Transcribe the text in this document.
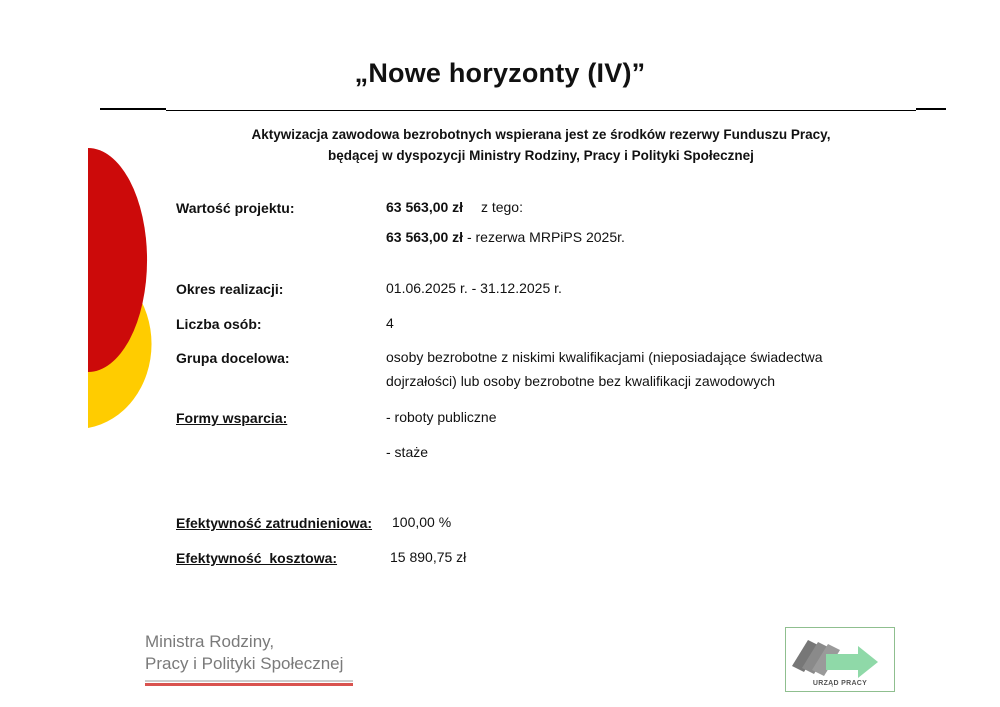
„Nowe horyzonty (IV)”
Aktywizacja zawodowa bezrobotnych wspierana jest ze środków rezerwy Funduszu Pracy,
będącej w dyspozycji Ministry Rodziny, Pracy i Polityki Społecznej
Wartość projektu:	63 563,00 zł z tego:
63 563,00 zł - rezerwa MRPiPS 2025r.
Okres realizacji:	01.06.2025 r. - 31.12.2025 r.
Liczba osób:	4
Grupa docelowa:	osoby bezrobotne z niskimi kwalifikacjami (nieposiadające świadectwa
dojrzałości) lub osoby bezrobotne bez kwalifikacji zawodowych
Formy wsparcia:	- roboty publiczne
- staże
Efektywność zatrudnieniowa: 100,00 %
Efektywność  kosztowa:	15 890,75 zł
Ministra Rodziny,
Pracy i Polityki Społecznej
URZĄD PRACY
